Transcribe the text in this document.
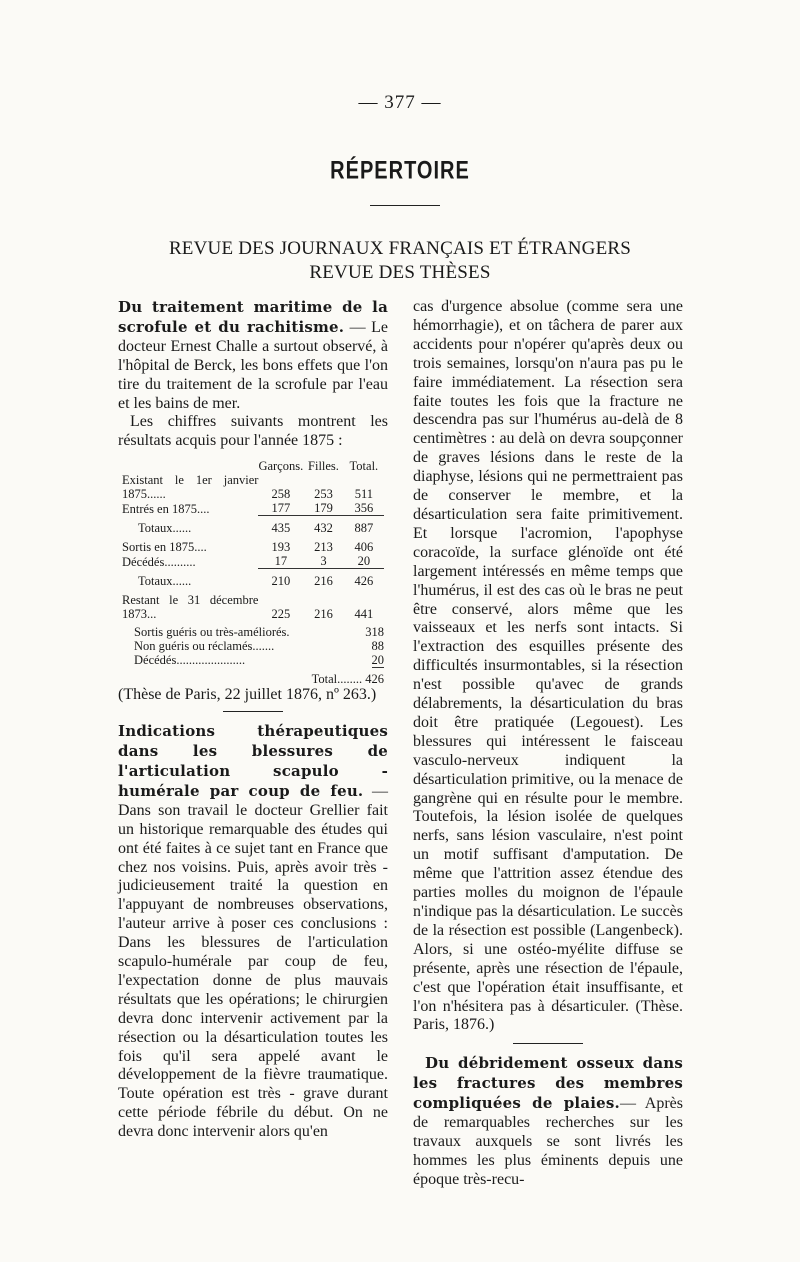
— 377 —
RÉPERTOIRE
REVUE DES JOURNAUX FRANÇAIS ET ÉTRANGERS
REVUE DES THÈSES

Du traitement maritime de la scrofule et du rachitisme. — Le docteur Ernest Challe a surtout observé, à l'hôpital de Berck, les bons effets que l'on tire du traitement de la scrofule par l'eau et les bains de mer.

Les chiffres suivants montrent les résultats acquis pour l'année 1875 :

	Garçons.	Filles.	Total.
Existant le 1er janvier 1875......	258	253	511
Entrés en 1875....	177	179	356
Totaux......	435	432	887
Sortis en 1875....	193	213	406
Décédés..........	17	3	20
Totaux......	210	216	426
Restant le 31 décembre 1873...	225	216	441
Sortis guéris ou très-améliorés.	318
Non guéris ou réclamés.......	88
Décédés......................	20
Total........ 426

(Thèse de Paris, 22 juillet 1876, nº 263.)

Indications thérapeutiques dans les blessures de l'articulation scapulo - humérale par coup de feu. — Dans son travail le docteur Grellier fait un historique remarquable des études qui ont été faites à ce sujet tant en France que chez nos voisins. Puis, après avoir très - judicieusement traité la question en l'appuyant de nombreuses observations, l'auteur arrive à poser ces conclusions : Dans les blessures de l'articulation scapulo-humérale par coup de feu, l'expectation donne de plus mauvais résultats que les opérations; le chirurgien devra donc intervenir activement par la résection ou la désarticulation toutes les fois qu'il sera appelé avant le développement de la fièvre traumatique. Toute opération est très - grave durant cette période fébrile du début. On ne devra donc intervenir alors qu'en

cas d'urgence absolue (comme sera une hémorrhagie), et on tâchera de parer aux accidents pour n'opérer qu'après deux ou trois semaines, lorsqu'on n'aura pas pu le faire immédiatement. La résection sera faite toutes les fois que la fracture ne descendra pas sur l'humérus au-delà de 8 centimètres : au delà on devra soupçonner de graves lésions dans le reste de la diaphyse, lésions qui ne permettraient pas de conserver le membre, et la désarticulation sera faite primitivement. Et lorsque l'acromion, l'apophyse coracoïde, la surface glénoïde ont été largement intéressés en même temps que l'humérus, il est des cas où le bras ne peut être conservé, alors même que les vaisseaux et les nerfs sont intacts. Si l'extraction des esquilles présente des difficultés insurmontables, si la résection n'est possible qu'avec de grands délabrements, la désarticulation du bras doit être pratiquée (Legouest). Les blessures qui intéressent le faisceau vasculo-nerveux indiquent la désarticulation primitive, ou la menace de gangrène qui en résulte pour le membre. Toutefois, la lésion isolée de quelques nerfs, sans lésion vasculaire, n'est point un motif suffisant d'amputation. De même que l'attrition assez étendue des parties molles du moignon de l'épaule n'indique pas la désarticulation. Le succès de la résection est possible (Langenbeck). Alors, si une ostéo-myélite diffuse se présente, après une résection de l'épaule, c'est que l'opération était insuffisante, et l'on n'hésitera pas à désarticuler. (Thèse. Paris, 1876.)

Du débridement osseux dans les fractures des membres compliquées de plaies.— Après de remarquables recherches sur les travaux auxquels se sont livrés les hommes les plus éminents depuis une époque très-recu-
